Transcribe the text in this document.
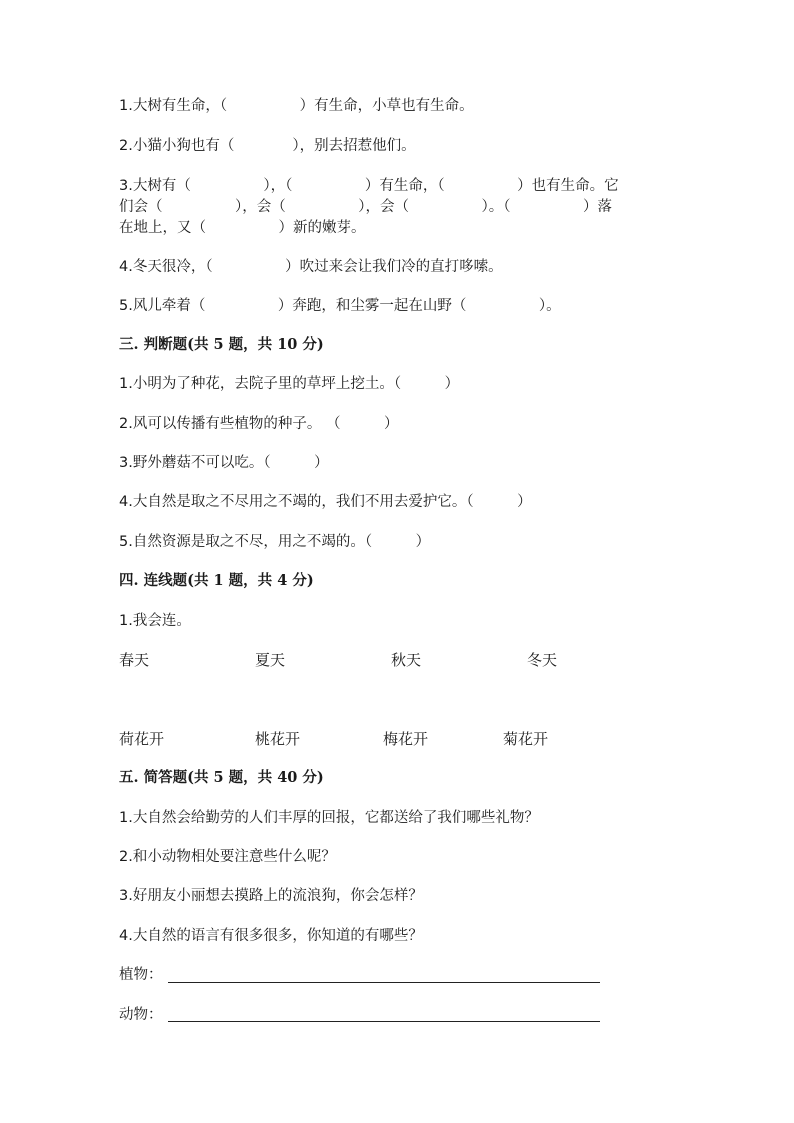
1.大树有生命，（　　　　　）有生命，小草也有生命。
2.小猫小狗也有（　　　　），别去招惹他们。
3.大树有（　　　　　），（　　　　　）有生命，（　　　　　）也有生命。它
们会（　　　　　），会（　　　　　），会（　　　　　）。（　　　　　）落
在地上，又（　　　　　）新的嫩芽。
4.冬天很冷，（　　　　　）吹过来会让我们冷的直打哆嗦。
5.风儿牵着（　　　　　）奔跑，和尘雾一起在山野（　　　　　）。
三. 判断题(共 5 题，共 10 分)
1.小明为了种花，去院子里的草坪上挖土。（　　　）
2.风可以传播有些植物的种子。 （　　　）
3.野外蘑菇不可以吃。（　　　）
4.大自然是取之不尽用之不竭的，我们不用去爱护它。（　　　）
5.自然资源是取之不尽，用之不竭的。（　　　）
四. 连线题(共 1 题，共 4 分)
1.我会连。
春天	夏天	秋天	冬天
荷花开	桃花开	梅花开	菊花开
五. 简答题(共 5 题，共 40 分)
1.大自然会给勤劳的人们丰厚的回报，它都送给了我们哪些礼物？
2.和小动物相处要注意些什么呢？
3.好朋友小丽想去摸路上的流浪狗，你会怎样？
4.大自然的语言有很多很多，你知道的有哪些？
植物：
动物：
